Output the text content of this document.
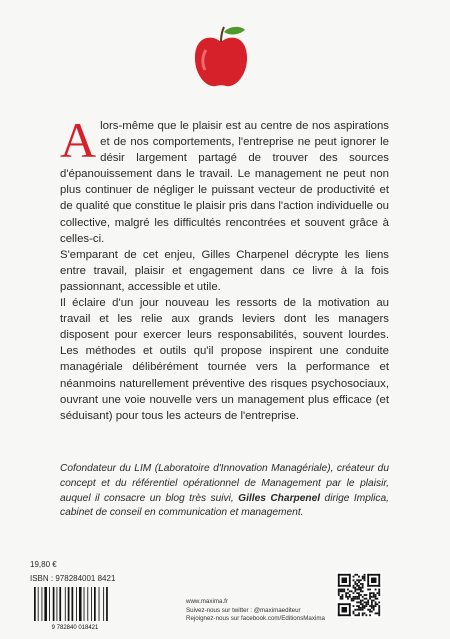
Alors-même que le plaisir est au centre de nos aspirations et de nos comportements, l'entreprise ne peut ignorer le désir largement partagé de trouver des sources d'épanouissement dans le travail. Le management ne peut non plus continuer de négliger le puissant vecteur de productivité et de qualité que constitue le plaisir pris dans l'action individuelle ou collective, malgré les difficultés rencontrées et souvent grâce à celles-ci.

S'emparant de cet enjeu, Gilles Charpenel décrypte les liens entre travail, plaisir et engagement dans ce livre à la fois passionnant, accessible et utile.

Il éclaire d'un jour nouveau les ressorts de la motivation au travail et les relie aux grands leviers dont les managers disposent pour exercer leurs responsabilités, souvent lourdes. Les méthodes et outils qu'il propose inspirent une conduite managériale délibérément tournée vers la performance et néanmoins naturellement préventive des risques psychosociaux, ouvrant une voie nouvelle vers un management plus efficace (et séduisant) pour tous les acteurs de l'entreprise.

Cofondateur du LIM (Laboratoire d'Innovation Managériale), créateur du concept et du référentiel opérationnel de Management par le plaisir, auquel il consacre un blog très suivi, Gilles Charpenel dirige Implica, cabinet de conseil en communication et management.
19,80 €
ISBN : 978284001 8421
9 782840 018421
www.maxima.fr
Suivez-nous sur twitter : @maximaediteur
Rejoignez-nous sur facebook.com/EditionsMaxima
